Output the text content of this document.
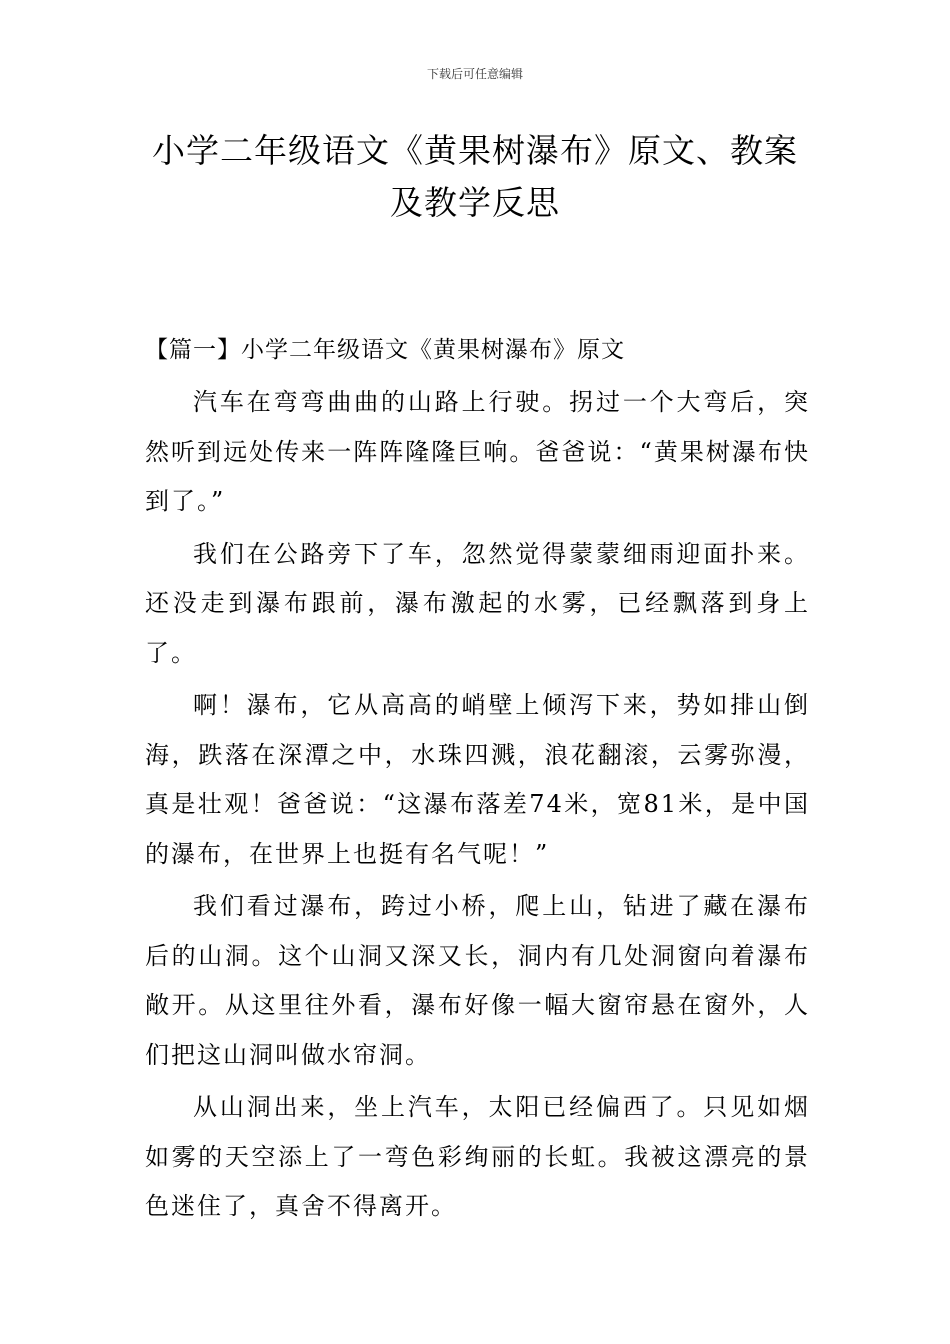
下载后可任意编辑
小学二年级语文《黄果树瀑布》原文、教案及教学反思
【篇一】小学二年级语文《黄果树瀑布》原文

汽车在弯弯曲曲的山路上行驶。拐过一个大弯后，突然听到远处传来一阵阵隆隆巨响。爸爸说：“黄果树瀑布快到了。”

我们在公路旁下了车，忽然觉得蒙蒙细雨迎面扑来。还没走到瀑布跟前，瀑布激起的水雾，已经飘落到身上了。

啊！瀑布，它从高高的峭壁上倾泻下来，势如排山倒海，跌落在深潭之中，水珠四溅，浪花翻滚，云雾弥漫，真是壮观！爸爸说：“这瀑布落差74米，宽81米，是中国的瀑布，在世界上也挺有名气呢！”

我们看过瀑布，跨过小桥，爬上山，钻进了藏在瀑布后的山洞。这个山洞又深又长，洞内有几处洞窗向着瀑布敞开。从这里往外看，瀑布好像一幅大窗帘悬在窗外，人们把这山洞叫做水帘洞。

从山洞出来，坐上汽车，太阳已经偏西了。只见如烟如雾的天空添上了一弯色彩绚丽的长虹。我被这漂亮的景色迷住了，真舍不得离开。
